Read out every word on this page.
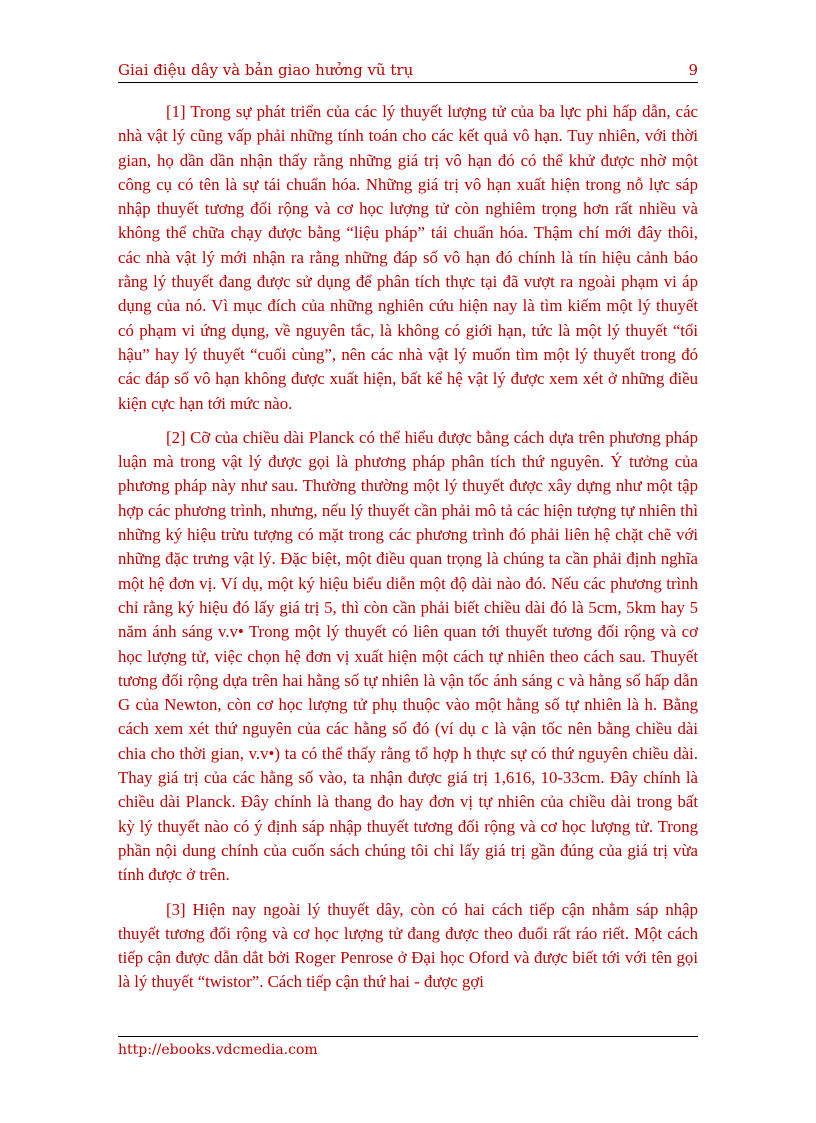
Giai điệu dây và bản giao hưởng vũ trụ	9

[1] Trong sự phát triển của các lý thuyết lượng tử của ba lực phi hấp dẫn, các nhà vật lý cũng vấp phải những tính toán cho các kết quả vô hạn. Tuy nhiên, với thời gian, họ dần dần nhận thấy rằng những giá trị vô hạn đó có thể khử được nhờ một công cụ có tên là sự tái chuẩn hóa. Những giá trị vô hạn xuất hiện trong nỗ lực sáp nhập thuyết tương đối rộng và cơ học lượng tử còn nghiêm trọng hơn rất nhiều và không thể chữa chạy được bằng “liệu pháp” tái chuẩn hóa. Thậm chí mới đây thôi, các nhà vật lý mới nhận ra rằng những đáp số vô hạn đó chính là tín hiệu cảnh báo rằng lý thuyết đang được sử dụng để phân tích thực tại đã vượt ra ngoài phạm vi áp dụng của nó. Vì mục đích của những nghiên cứu hiện nay là tìm kiếm một lý thuyết có phạm vi ứng dụng, về nguyên tắc, là không có giới hạn, tức là một lý thuyết “tối hậu” hay lý thuyết “cuối cùng”, nên các nhà vật lý muốn tìm một lý thuyết trong đó các đáp số vô hạn không được xuất hiện, bất kể hệ vật lý được xem xét ở những điều kiện cực hạn tới mức nào.

[2] Cỡ của chiều dài Planck có thể hiểu được bằng cách dựa trên phương pháp luận mà trong vật lý được gọi là phương pháp phân tích thứ nguyên. Ý tưởng của phương pháp này như sau. Thường thường một lý thuyết được xây dựng như một tập hợp các phương trình, nhưng, nếu lý thuyết cần phải mô tả các hiện tượng tự nhiên thì những ký hiệu trừu tượng có mặt trong các phương trình đó phải liên hệ chặt chẽ với những đặc trưng vật lý. Đặc biệt, một điều quan trọng là chúng ta cần phải định nghĩa một hệ đơn vị. Ví dụ, một ký hiệu biểu diễn một độ dài nào đó. Nếu các phương trình chỉ rằng ký hiệu đó lấy giá trị 5, thì còn cần phải biết chiều dài đó là 5cm, 5km hay 5 năm ánh sáng v.v• Trong một lý thuyết có liên quan tới thuyết tương đối rộng và cơ học lượng tử, việc chọn hệ đơn vị xuất hiện một cách tự nhiên theo cách sau. Thuyết tương đối rộng dựa trên hai hằng số tự nhiên là vận tốc ánh sáng c và hằng số hấp dẫn G của Newton, còn cơ học lượng tử phụ thuộc vào một hằng số tự nhiên là h. Bằng cách xem xét thứ nguyên của các hằng số đó (ví dụ c là vận tốc nên bằng chiều dài chia cho thời gian, v.v•) ta có thể thấy rằng tổ hợp h thực sự có thứ nguyên chiều dài. Thay giá trị của các hằng số vào, ta nhận được giá trị 1,616, 10-33cm. Đây chính là chiều dài Planck. Đây chính là thang đo hay đơn vị tự nhiên của chiều dài trong bất kỳ lý thuyết nào có ý định sáp nhập thuyết tương đối rộng và cơ học lượng tử. Trong phần nội dung chính của cuốn sách chúng tôi chỉ lấy giá trị gần đúng của giá trị vừa tính được ở trên.

[3] Hiện nay ngoài lý thuyết dây, còn có hai cách tiếp cận nhằm sáp nhập thuyết tương đối rộng và cơ học lượng tử đang được theo đuổi rất ráo riết. Một cách tiếp cận được dẫn dắt bởi Roger Penrose ở Đại học Oford và được biết tới với tên gọi là lý thuyết “twistor”. Cách tiếp cận thứ hai - được gợi

http://ebooks.vdcmedia.com
